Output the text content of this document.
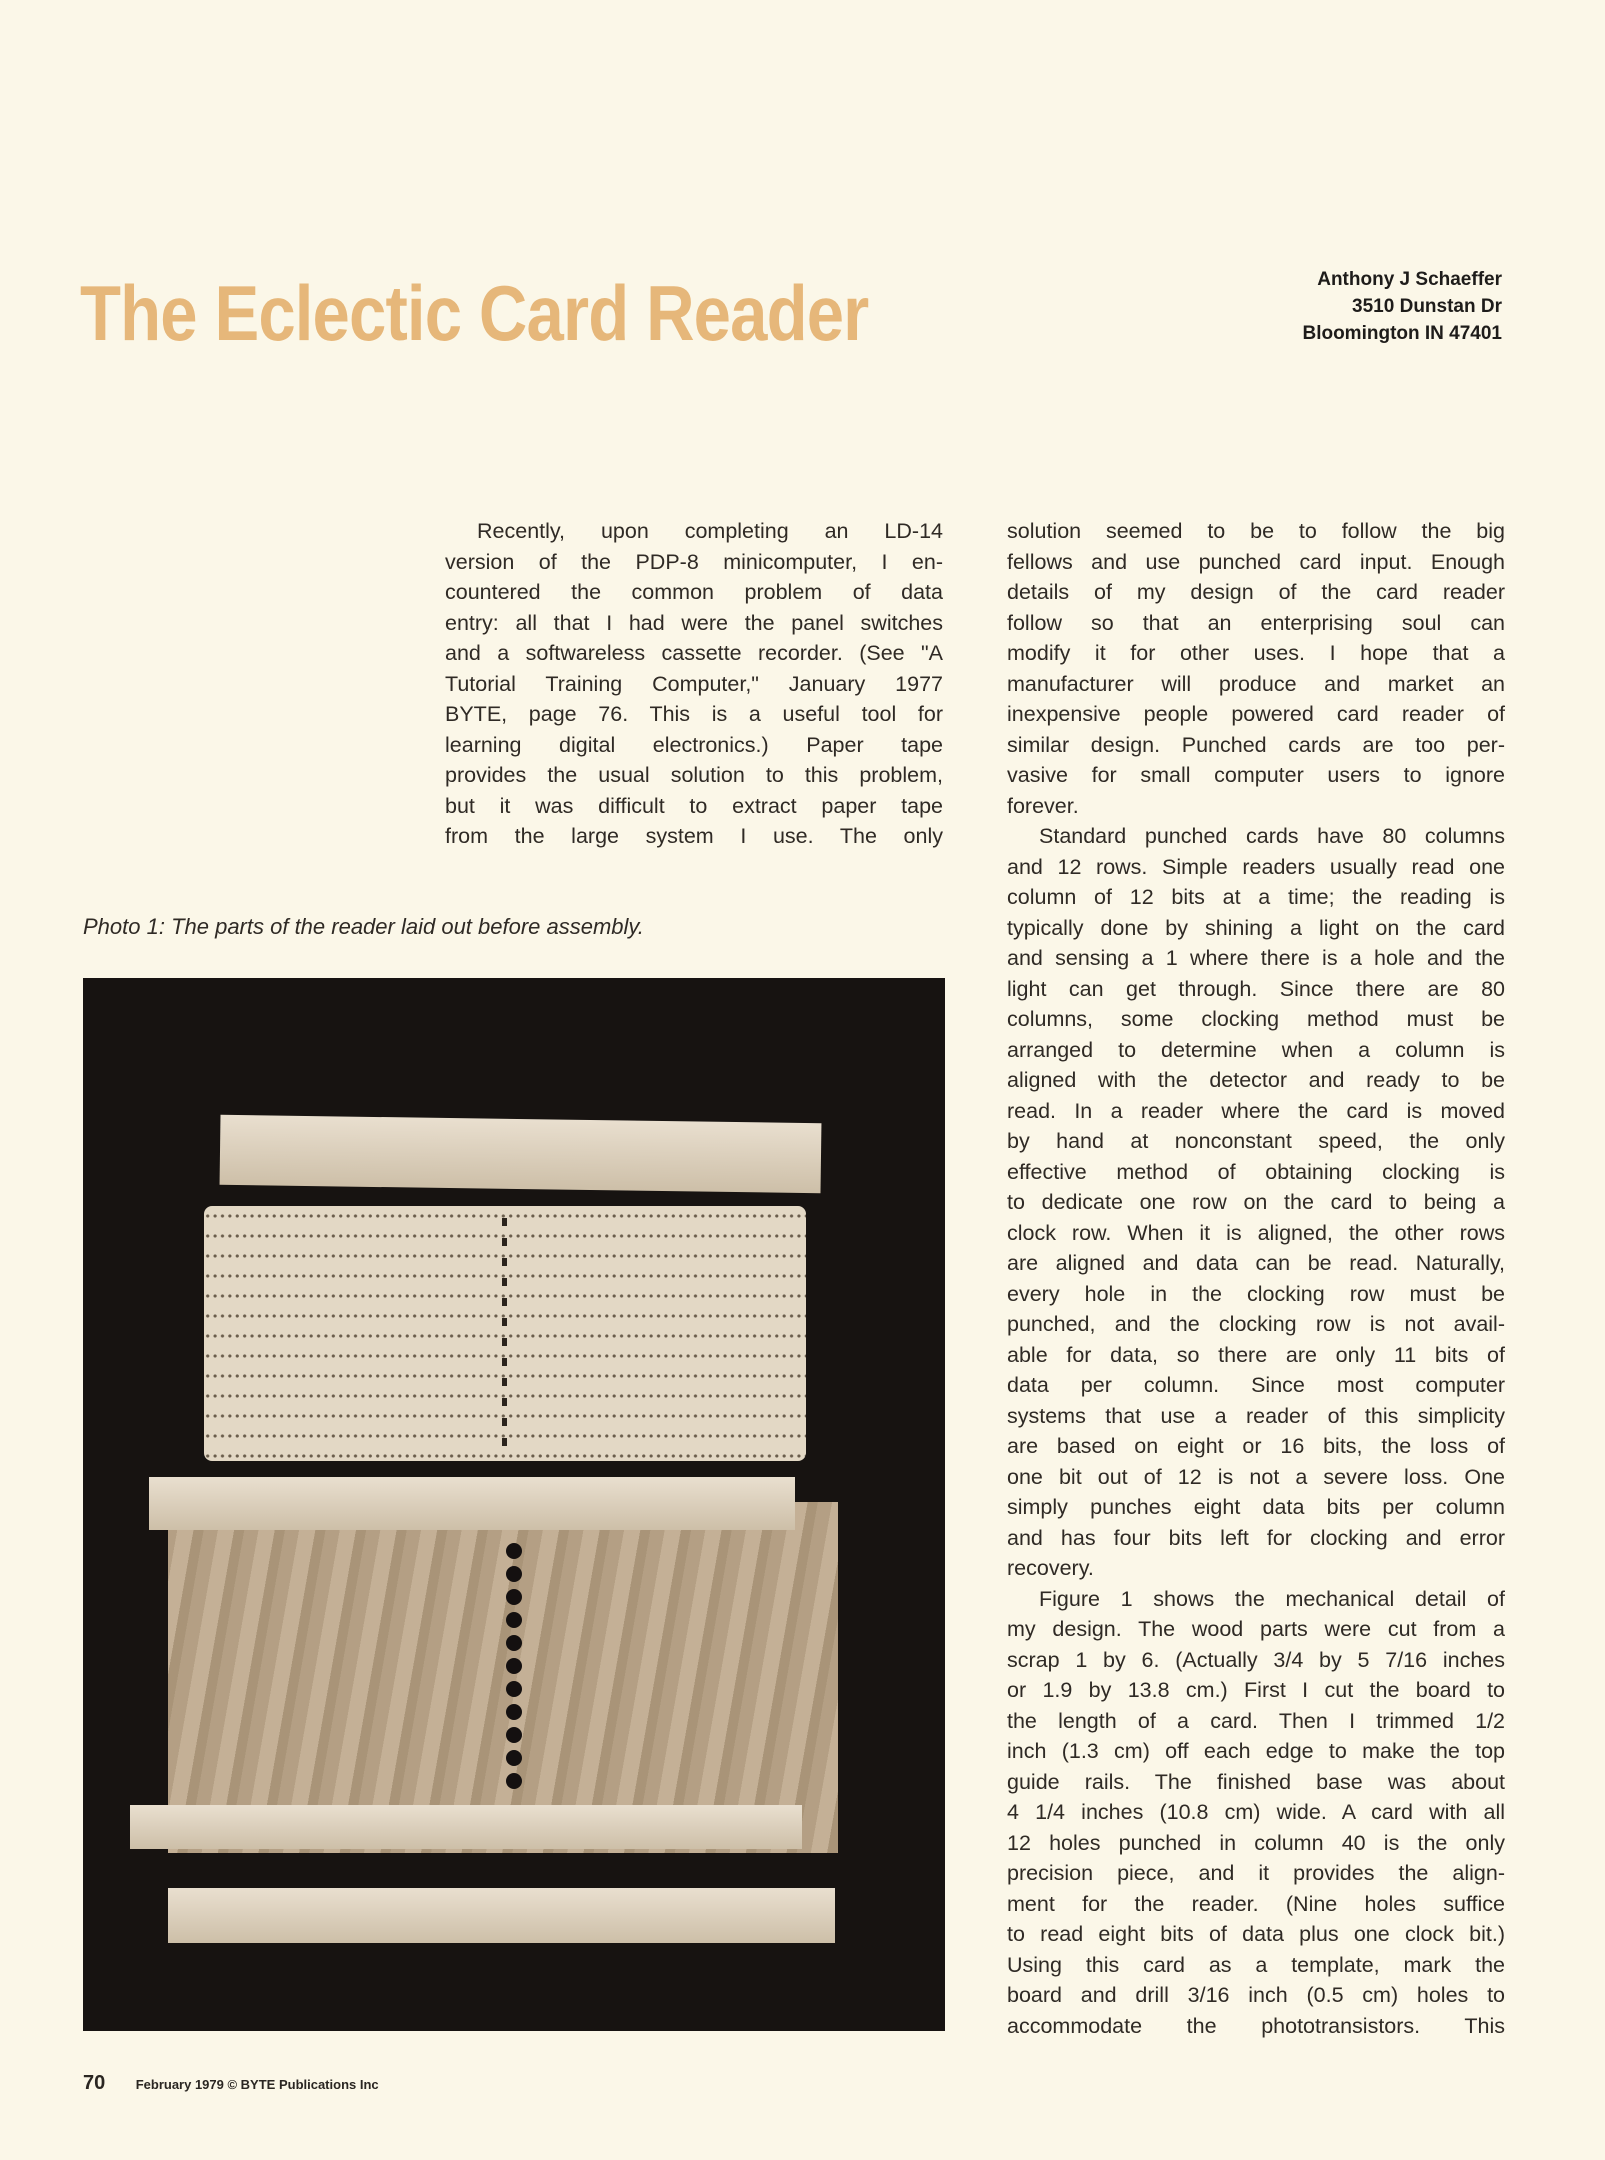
The Eclectic Card Reader	Anthony J Schaeffer
3510 Dunstan Dr
Bloomington IN 47401
Recently, upon completing an LD-14
version of the PDP-8 minicomputer, I en-
countered the common problem of data
entry: all that I had were the panel switches
and a softwareless cassette recorder. (See "A
Tutorial Training Computer," January 1977
BYTE, page 76. This is a useful tool for
learning digital electronics.) Paper tape
provides the usual solution to this problem,
but it was difficult to extract paper tape
from the large system I use. The only
solution seemed to be to follow the big
fellows and use punched card input. Enough
details of my design of the card reader
follow so that an enterprising soul can
modify it for other uses. I hope that a
manufacturer will produce and market an
inexpensive people powered card reader of
similar design. Punched cards are too per-
vasive for small computer users to ignore
forever.
Standard punched cards have 80 columns
and 12 rows. Simple readers usually read one
column of 12 bits at a time; the reading is
typically done by shining a light on the card
and sensing a 1 where there is a hole and the
light can get through. Since there are 80
columns, some clocking method must be
arranged to determine when a column is
aligned with the detector and ready to be
read. In a reader where the card is moved
by hand at nonconstant speed, the only
effective method of obtaining clocking is
to dedicate one row on the card to being a
clock row. When it is aligned, the other rows
are aligned and data can be read. Naturally,
every hole in the clocking row must be
punched, and the clocking row is not avail-
able for data, so there are only 11 bits of
data per column. Since most computer
systems that use a reader of this simplicity
are based on eight or 16 bits, the loss of
one bit out of 12 is not a severe loss. One
simply punches eight data bits per column
and has four bits left for clocking and error
recovery.
Figure 1 shows the mechanical detail of
my design. The wood parts were cut from a
scrap 1 by 6. (Actually 3/4 by 5 7/16 inches
or 1.9 by 13.8 cm.) First I cut the board to
the length of a card. Then I trimmed 1/2
inch (1.3 cm) off each edge to make the top
guide rails. The finished base was about
4 1/4 inches (10.8 cm) wide. A card with all
12 holes punched in column 40 is the only
precision piece, and it provides the align-
ment for the reader. (Nine holes suffice
to read eight bits of data plus one clock bit.)
Using this card as a template, mark the
board and drill 3/16 inch (0.5 cm) holes to
accommodate the phototransistors. This
Photo 1: The parts of the reader laid out before assembly.
70 February 1979 © BYTE Publications Inc
